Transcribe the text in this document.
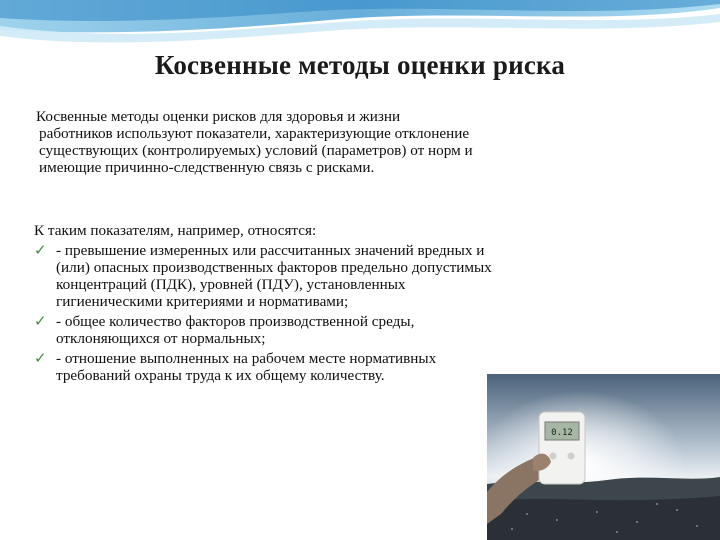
Косвенные методы оценки риска
Косвенные методы оценки рисков для здоровья и жизни
работников используют показатели, характеризующие отклонение существующих (контролируемых) условий (параметров) от норм и имеющие причинно-следственную связь с рисками.
К таким показателям, например, относятся:
✓ - превышение измеренных или рассчитанных значений вредных и (или) опасных производственных факторов предельно допустимых концентраций (ПДК), уровней (ПДУ), установленных гигиеническими критериями и нормативами;
✓ - общее количество факторов производственной среды, отклоняющихся от нормальных;
✓ - отношение выполненных на рабочем месте нормативных требований охраны труда к их общему количеству.
0.12
